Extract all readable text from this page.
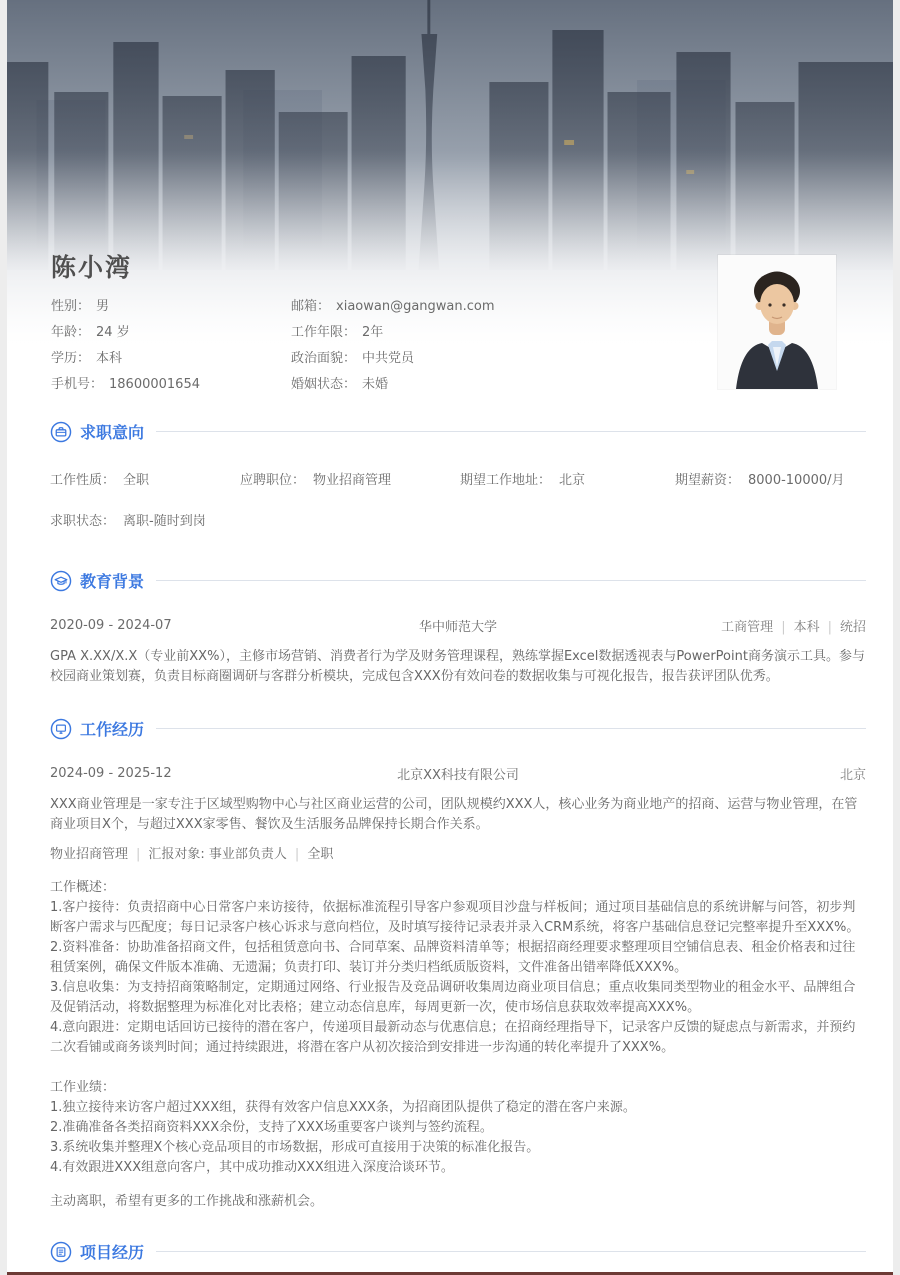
陈小湾
性别： 男
年龄： 24 岁
学历： 本科
手机号： 18600001654
邮箱： xiaowan@gangwan.com
工作年限： 2年
政治面貌： 中共党员
婚姻状态： 未婚
求职意向
工作性质： 全职	应聘职位： 物业招商管理	期望工作地址： 北京	期望薪资： 8000-10000/月
求职状态： 离职-随时到岗
教育背景
2020-09 - 2024-07	华中师范大学	工商管理 | 本科 | 统招

GPA X.XX/X.X（专业前XX%），主修市场营销、消费者行为学及财务管理课程，熟练掌握Excel数据透视表与PowerPoint商务演示工具。参与校园商业策划赛，负责目标商圈调研与客群分析模块，完成包含XXX份有效问卷的数据收集与可视化报告，报告获评团队优秀。

工作经历
2024-09 - 2025-12	北京XX科技有限公司	北京

XXX商业管理是一家专注于区域型购物中心与社区商业运营的公司，团队规模约XXX人，核心业务为商业地产的招商、运营与物业管理，在管商业项目X个，与超过XXX家零售、餐饮及生活服务品牌保持长期合作关系。

物业招商管理 | 汇报对象: 事业部负责人 | 全职

工作概述：

1.客户接待：负责招商中心日常客户来访接待，依据标准流程引导客户参观项目沙盘与样板间；通过项目基础信息的系统讲解与问答，初步判断客户需求与匹配度；每日记录客户核心诉求与意向档位，及时填写接待记录表并录入CRM系统，将客户基础信息登记完整率提升至XXX%。

2.资料准备：协助准备招商文件，包括租赁意向书、合同草案、品牌资料清单等；根据招商经理要求整理项目空铺信息表、租金价格表和过往租赁案例，确保文件版本准确、无遗漏；负责打印、装订并分类归档纸质版资料，文件准备出错率降低XXX%。

3.信息收集：为支持招商策略制定，定期通过网络、行业报告及竞品调研收集周边商业项目信息；重点收集同类型物业的租金水平、品牌组合及促销活动，将数据整理为标准化对比表格；建立动态信息库，每周更新一次，使市场信息获取效率提高XXX%。

4.意向跟进：定期电话回访已接待的潜在客户，传递项目最新动态与优惠信息；在招商经理指导下，记录客户反馈的疑虑点与新需求，并预约二次看铺或商务谈判时间；通过持续跟进，将潜在客户从初次接洽到安排进一步沟通的转化率提升了XXX%。

工作业绩：

1.独立接待来访客户超过XXX组，获得有效客户信息XXX条，为招商团队提供了稳定的潜在客户来源。

2.准确准备各类招商资料XXX余份，支持了XXX场重要客户谈判与签约流程。

3.系统收集并整理X个核心竞品项目的市场数据，形成可直接用于决策的标准化报告。

4.有效跟进XXX组意向客户，其中成功推动XXX组进入深度洽谈环节。

主动离职，希望有更多的工作挑战和涨薪机会。

项目经历
